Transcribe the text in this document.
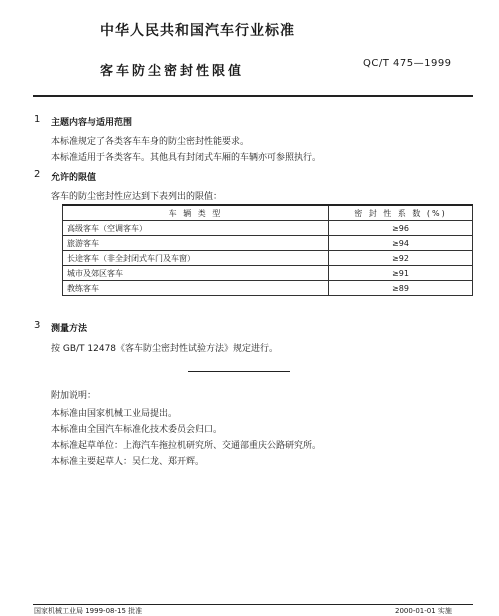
中华人民共和国汽车行业标准
客车防尘密封性限值
QC/T 475—1999
1 主题内容与适用范围
本标准规定了各类客车车身的防尘密封性能要求。
本标准适用于各类客车。其他具有封闭式车厢的车辆亦可参照执行。
2 允许的限值
客车的防尘密封性应达到下表列出的限值：
车 辆 类 型	密 封 性 系 数 (%)
高级客车（空调客车）	≥96
旅游客车	≥94
长途客车（非全封闭式车门及车窗）	≥92
城市及郊区客车	≥91
教练客车	≥89
3 测量方法
按 GB/T 12478《客车防尘密封性试验方法》规定进行。
附加说明：
本标准由国家机械工业局提出。
本标准由全国汽车标准化技术委员会归口。
本标准起草单位：上海汽车拖拉机研究所、交通部重庆公路研究所。
本标准主要起草人：吴仁龙、郑开辉。
国家机械工业局 1999-08-15 批准	2000-01-01 实施
